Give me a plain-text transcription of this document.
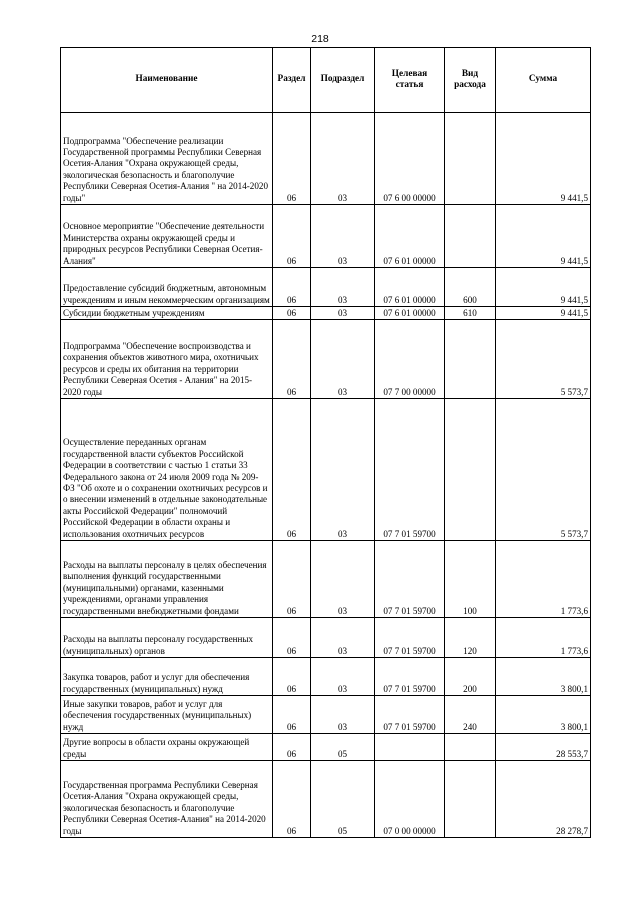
218
Наименование	Раздел	Подраздел	Целевая статья	Вид расхода	Сумма
Подпрограмма "Обеспечение реализации Государственной программы Республики Северная Осетия-Алания "Охрана окружающей среды, экологическая безопасность и благополучие Республики Северная Осетия-Алания " на 2014-2020 годы"	06	03	07 6 00 00000		9 441,5
Основное мероприятие "Обеспечение деятельности Министерства охраны окружающей среды и природных ресурсов Республики Северная Осетия-Алания"	06	03	07 6 01 00000		9 441,5
Предоставление субсидий бюджетным, автономным учреждениям и иным некоммерческим организациям	06	03	07 6 01 00000	600	9 441,5
Субсидии бюджетным учреждениям	06	03	07 6 01 00000	610	9 441,5
Подпрограмма "Обеспечение воспроизводства и сохранения объектов животного мира, охотничьих ресурсов и среды их обитания на территории Республики Северная Осетия - Алания" на 2015-2020 годы	06	03	07 7 00 00000		5 573,7
Осуществление переданных органам государственной власти субъектов Российской Федерации в соответствии с частью 1 статьи 33 Федерального закона от 24 июля 2009 года № 209-ФЗ "Об охоте и о сохранении охотничьих ресурсов и о внесении изменений в отдельные законодательные акты Российской Федерации" полномочий Российской Федерации в области охраны и использования охотничьих ресурсов	06	03	07 7 01 59700		5 573,7
Расходы на выплаты персоналу в целях обеспечения выполнения функций государственными (муниципальными) органами, казенными учреждениями, органами управления государственными внебюджетными фондами	06	03	07 7 01 59700	100	1 773,6
Расходы на выплаты персоналу государственных (муниципальных) органов	06	03	07 7 01 59700	120	1 773,6
Закупка товаров, работ и услуг для обеспечения государственных (муниципальных) нужд	06	03	07 7 01 59700	200	3 800,1
Иные закупки товаров, работ и услуг для обеспечения государственных (муниципальных) нужд	06	03	07 7 01 59700	240	3 800,1
Другие вопросы в области охраны окружающей среды	06	05			28 553,7
Государственная программа Республики Северная Осетия-Алания "Охрана окружающей среды, экологическая безопасность и благополучие Республики Северная Осетия-Алания" на 2014-2020 годы	06	05	07 0 00 00000		28 278,7
